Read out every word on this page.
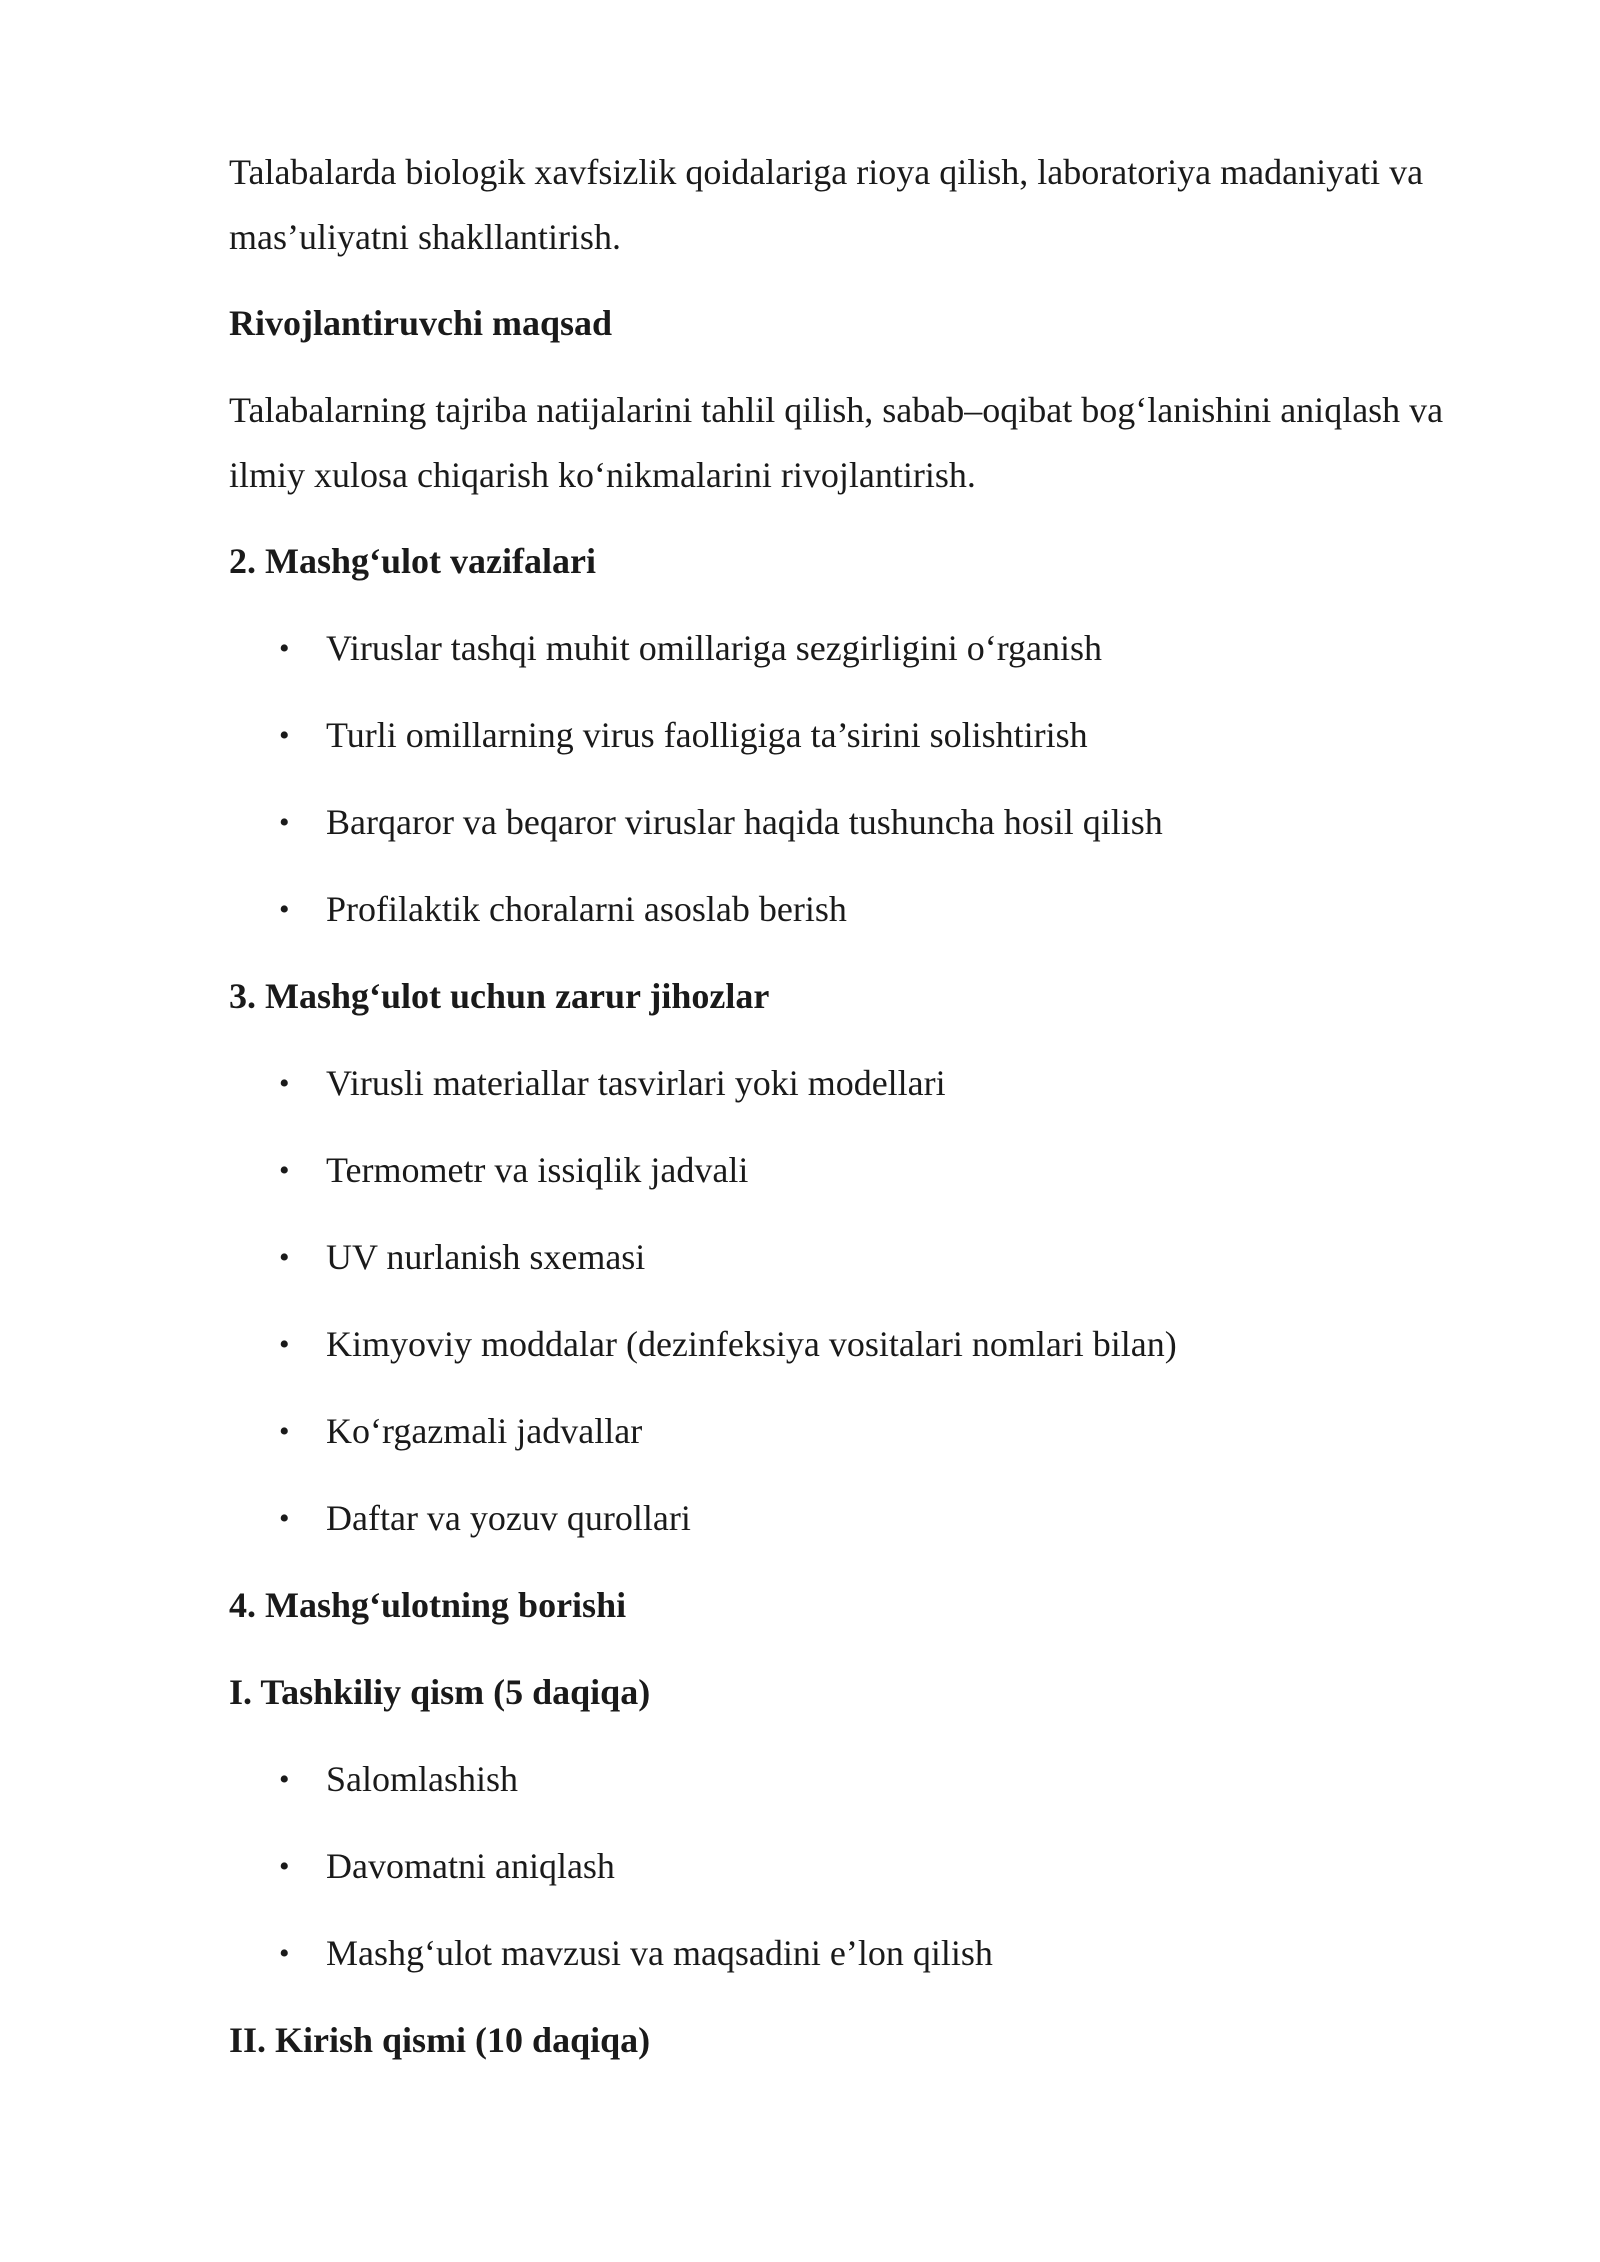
Talabalarda biologik xavfsizlik qoidalariga rioya qilish, laboratoriya madaniyati va mas’uliyatni shakllantirish.

Rivojlantiruvchi maqsad

Talabalarning tajriba natijalarini tahlil qilish, sabab–oqibat bog‘lanishini aniqlash va ilmiy xulosa chiqarish ko‘nikmalarini rivojlantirish.

2. Mashg‘ulot vazifalari
• Viruslar tashqi muhit omillariga sezgirligini o‘rganish
• Turli omillarning virus faolligiga ta’sirini solishtirish
• Barqaror va beqaror viruslar haqida tushuncha hosil qilish
• Profilaktik choralarni asoslab berish
3. Mashg‘ulot uchun zarur jihozlar
• Virusli materiallar tasvirlari yoki modellari
• Termometr va issiqlik jadvali
• UV nurlanish sxemasi
• Kimyoviy moddalar (dezinfeksiya vositalari nomlari bilan)
• Ko‘rgazmali jadvallar
• Daftar va yozuv qurollari
4. Mashg‘ulotning borishi
I. Tashkiliy qism (5 daqiqa)
• Salomlashish
• Davomatni aniqlash
• Mashg‘ulot mavzusi va maqsadini e’lon qilish
II. Kirish qismi (10 daqiqa)
